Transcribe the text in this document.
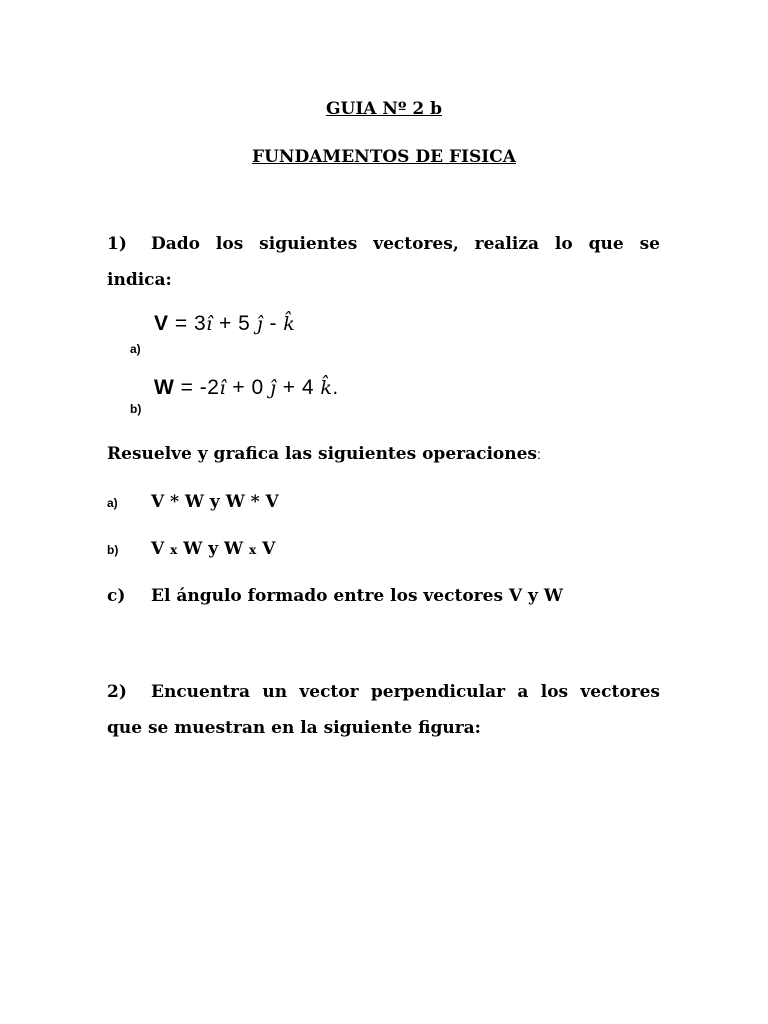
GUIA Nº 2 b
FUNDAMENTOS DE FISICA
1) Dado los siguientes vectores, realiza lo que se indica:
a)
V = 3î + 5 ĵ - k̂
b)
W = -2î + 0 ĵ + 4 k̂.
Resuelve y grafica las siguientes operaciones:
a) V * W y W * V
b) V x W y W x V
c) El ángulo formado entre los vectores V y W
2) Encuentra un vector perpendicular a los vectores que se muestran en la siguiente figura:
